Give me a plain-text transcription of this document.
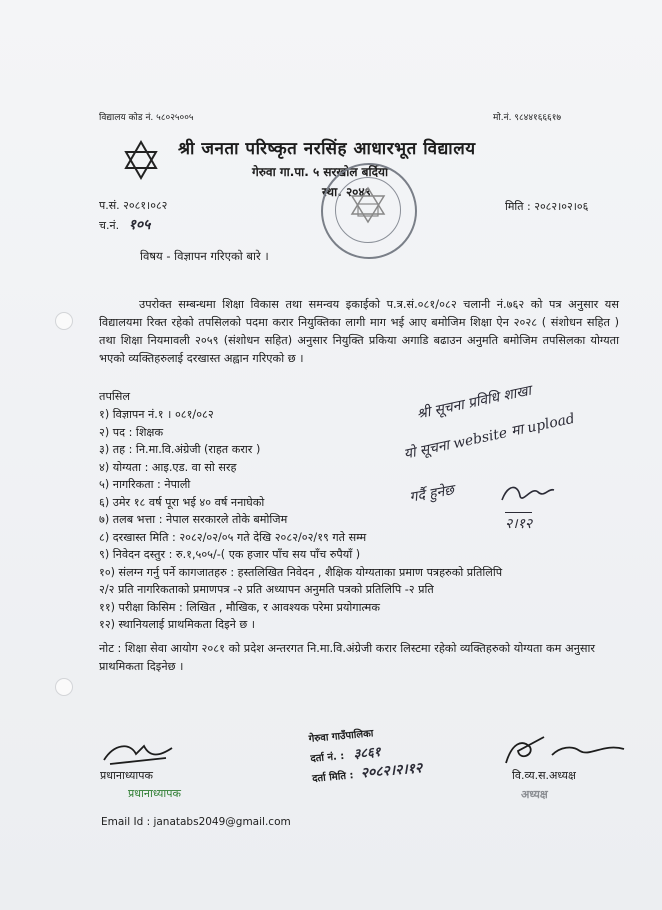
विद्यालय कोड नं. ५८०२५००५	मो.नं. ९८४४१६६६१७
श्री जनता परिष्कृत नरसिंह आधारभूत विद्यालय
गेरुवा गा.पा. ५ सरखोल बर्दिया
स्था. २०४९
प.सं. २०८१।०८२
च.नं. १०५
मिति : २०८२।०२।०६
विषय - विज्ञापन गरिएको बारे ।
उपरोक्त सम्बन्धमा शिक्षा विकास तथा समन्वय इकाईको प.त्र.सं.०८१/०८२ चलानी नं.७६२ को पत्र अनुसार यस विद्यालयमा रिक्त रहेको तपसिलको पदमा करार नियुक्तिका लागी माग भई आए बमोजिम शिक्षा ऐन २०२८ ( संशोधन सहित ) तथा शिक्षा नियमावली २०५९ (संशोधन सहित) अनुसार नियुक्ति प्रकिया अगाडि बढाउन अनुमति बमोजिम तपसिलका योग्यता भएको व्यक्तिहरुलाई दरखास्त अह्वान गरिएको छ ।
तपसिल
१) विज्ञापन नं.१ । ०८१/०८२
२) पद : शिक्षक
३) तह : नि.मा.वि.अंग्रेजी (राहत करार )
४) योग्यता : आइ.एड. वा सो सरह
५) नागरिकता : नेपाली
६) उमेर १८ वर्ष पूरा भई ४० वर्ष ननाघेको
७) तलब भत्ता : नेपाल सरकारले तोके बमोजिम
८) दरखास्त मिति : २०८२/०२/०५ गते देखि २०८२/०२/१९ गते सम्म
९) निवेदन दस्तुर : रु.१,५०५/-( एक हजार पाँच सय पाँच रुपैयाँ )
१०) संलग्न गर्नु पर्ने कागजातहरु : हस्तलिखित निवेदन , शैक्षिक योग्यताका प्रमाण पत्रहरुको प्रतिलिपि
२/२ प्रति नागरिकताको प्रमाणपत्र -२ प्रति अध्यापन अनुमति पत्रको प्रतिलिपि -२ प्रति
११) परीक्षा किसिम : लिखित , मौखिक, र आवश्यक परेमा प्रयोगात्मक
१२) स्थानियलाई प्राथमिकता दिइने छ ।
नोट : शिक्षा सेवा आयोग २०८१ को प्रदेश अन्तरगत नि.मा.वि.अंग्रेजी करार लिस्टमा रहेको व्यक्तिहरुको योग्यता कम अनुसार प्राथमिकता दिइनेछ ।
श्री सूचना प्रविधि शाखा
यो सूचना website मा upload
गर्दै हुनेछ
२।१२
गेरुवा गाउँपालिका
दर्ता नं. : ३८६१
दर्ता मिति : २०८२।२।१२
प्रधानाध्यापक
प्रधानाध्यापक
वि.व्य.स.अध्यक्ष
अध्यक्ष
Email Id : janatabs2049@gmail.com
